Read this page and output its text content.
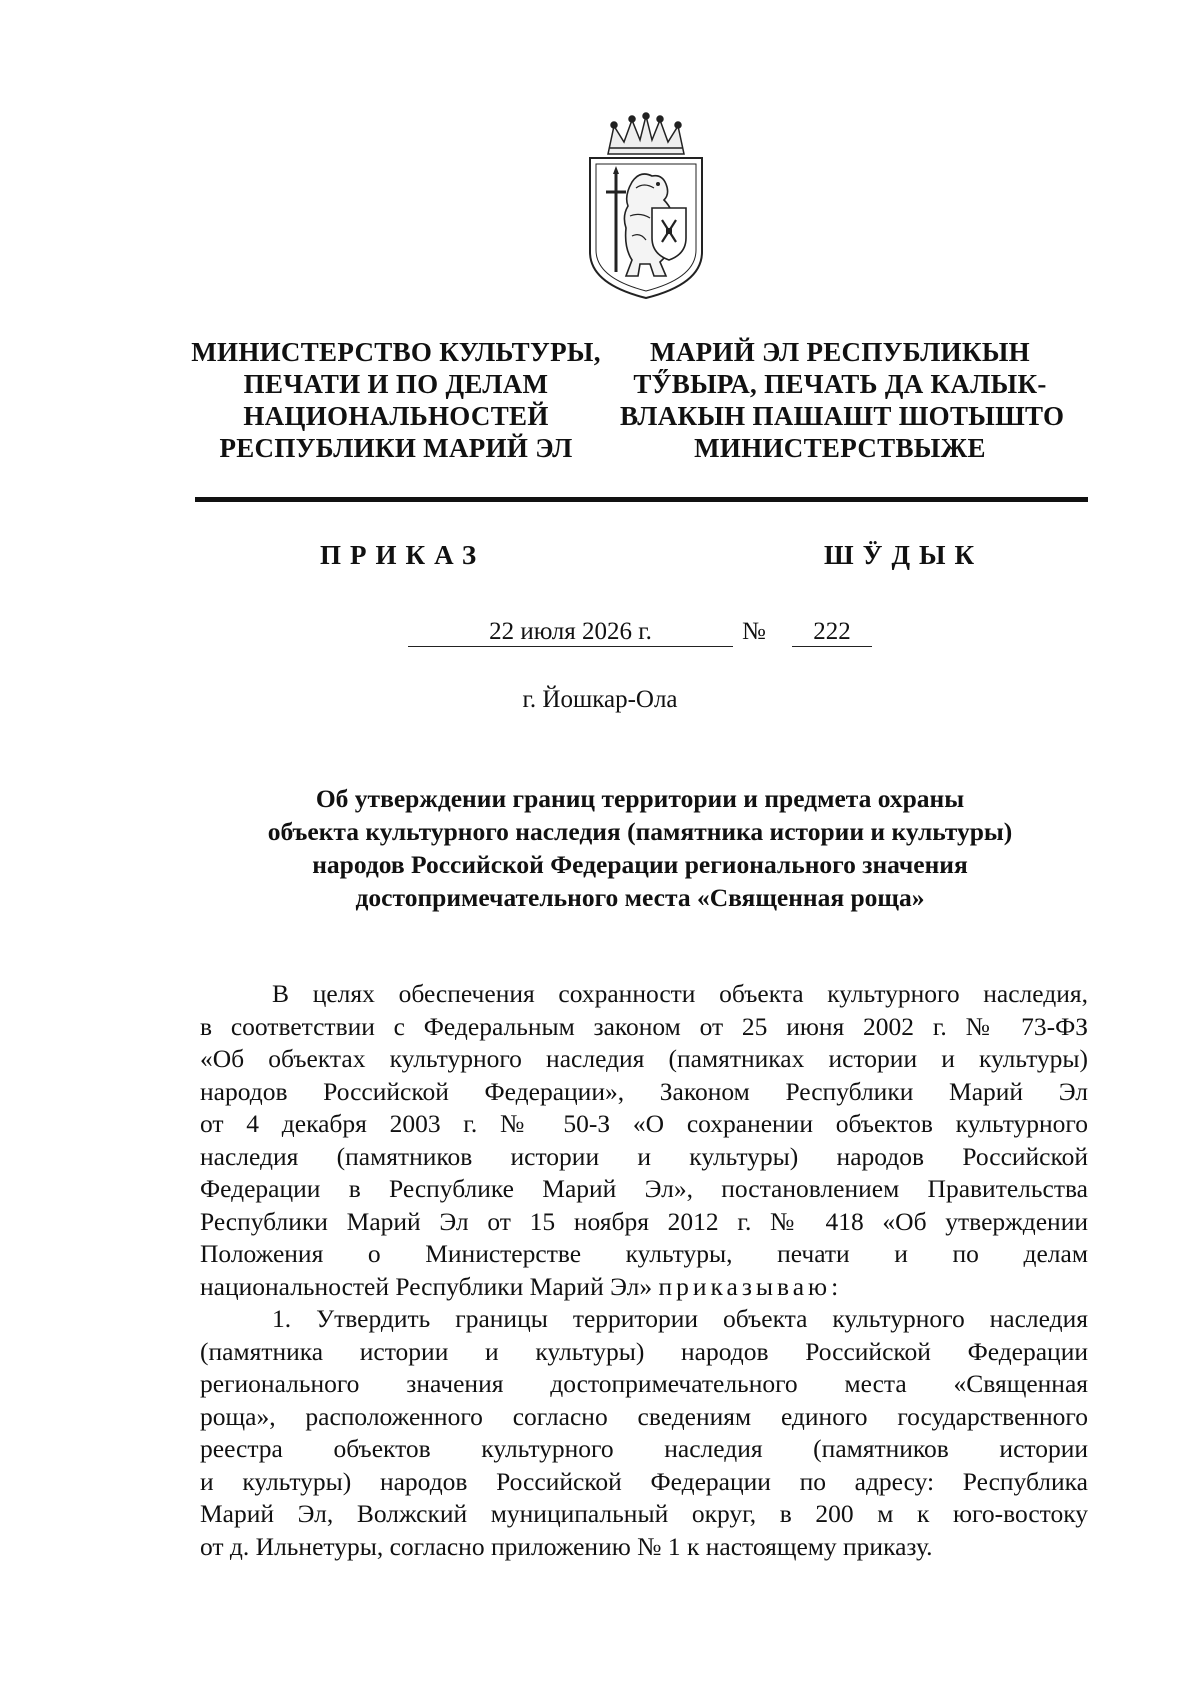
МИНИСТЕРСТВО КУЛЬТУРЫ,
ПЕЧАТИ И ПО ДЕЛАМ
НАЦИОНАЛЬНОСТЕЙ
РЕСПУБЛИКИ МАРИЙ ЭЛ
МАРИЙ ЭЛ РЕСПУБЛИКЫН
ТӲВЫРА, ПЕЧАТЬ ДА КАЛЫК-
ВЛАКЫН ПАШАШТ ШОТЫШТО
МИНИСТЕРСТВЫЖЕ
ПРИКАЗ	ШӰДЫК
22 июля 2026 г.	№	222
г. Йошкар-Ола
Об утверждении границ территории и предмета охраны
объекта культурного наследия (памятника истории и культуры)
народов Российской Федерации регионального значения
достопримечательного места «Священная роща»
В целях обеспечения сохранности объекта культурного наследия,
в соответствии с Федеральным законом от 25 июня 2002 г. № 73-ФЗ
«Об объектах культурного наследия (памятниках истории и культуры)
народов Российской Федерации», Законом Республики Марий Эл
от 4 декабря 2003 г. № 50-З «О сохранении объектов культурного
наследия (памятников истории и культуры) народов Российской
Федерации в Республике Марий Эл», постановлением Правительства
Республики Марий Эл от 15 ноября 2012 г. № 418 «Об утверждении
Положения о Министерстве культуры, печати и по делам
национальностей Республики Марий Эл» приказываю:
1. Утвердить границы территории объекта культурного наследия
(памятника истории и культуры) народов Российской Федерации
регионального значения достопримечательного места «Священная
роща», расположенного согласно сведениям единого государственного
реестра объектов культурного наследия (памятников истории
и культуры) народов Российской Федерации по адресу: Республика
Марий Эл, Волжский муниципальный округ, в 200 м к юго-востоку
от д. Ильнетуры, согласно приложению № 1 к настоящему приказу.
